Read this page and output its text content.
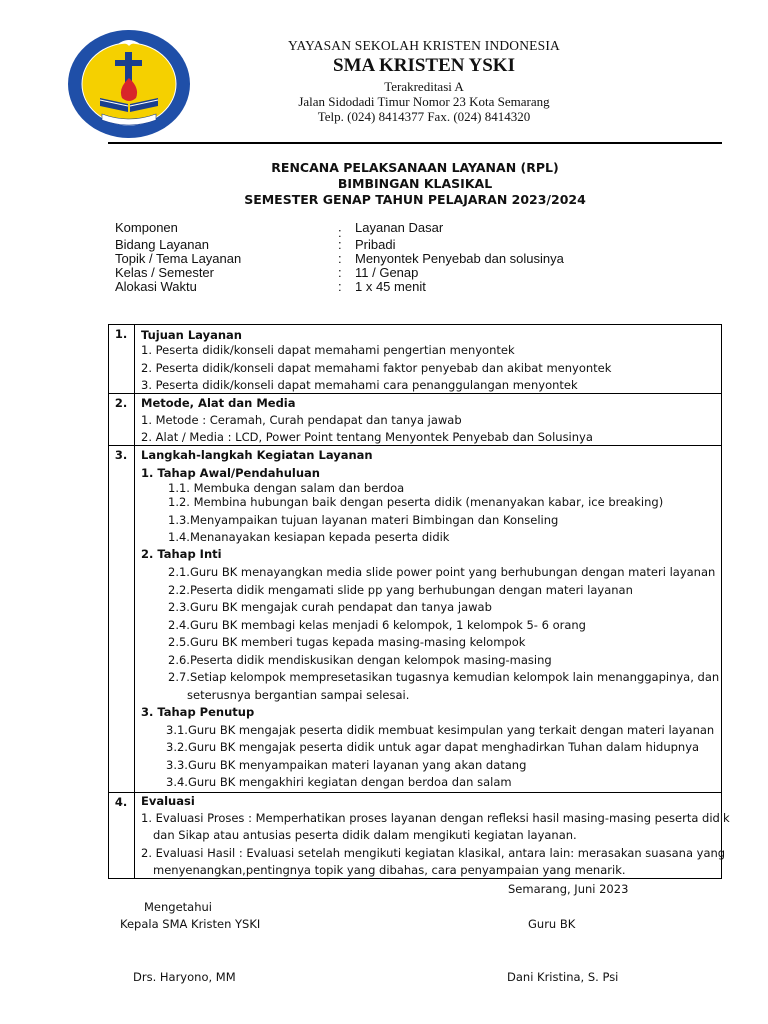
YAYASAN SEKOLAH KRISTEN INDONESIA
SMA KRISTEN YSKI
Terakreditasi A
Jalan Sidodadi Timur Nomor 23 Kota Semarang
Telp. (024) 8414377 Fax. (024) 8414320
RENCANA PELAKSANAAN LAYANAN (RPL)
BIMBINGAN KLASIKAL
SEMESTER GENAP TAHUN PELAJARAN 2023/2024
Komponen	: Layanan Dasar
Bidang Layanan	: Pribadi
Topik / Tema Layanan	: Menyontek Penyebab dan solusinya
Kelas / Semester	: 11 / Genap
Alokasi Waktu	: 1 x 45 menit
1.	Tujuan Layanan
1. Peserta didik/konseli dapat memahami pengertian menyontek
2. Peserta didik/konseli dapat memahami faktor penyebab dan akibat menyontek
3. Peserta didik/konseli dapat memahami cara penanggulangan menyontek
2.	Metode, Alat dan Media
1. Metode : Ceramah, Curah pendapat dan tanya jawab
2. Alat / Media : LCD, Power Point tentang Menyontek Penyebab dan Solusinya
3.	Langkah-langkah Kegiatan Layanan
1. Tahap Awal/Pendahuluan
1.1. Membuka dengan salam dan berdoa
1.2. Membina hubungan baik dengan peserta didik (menanyakan kabar, ice breaking)
1.3.Menyampaikan tujuan layanan materi Bimbingan dan Konseling
1.4.Menanayakan kesiapan kepada peserta didik
2. Tahap Inti
2.1.Guru BK menayangkan media slide power point yang berhubungan dengan materi layanan
2.2.Peserta didik mengamati slide pp yang berhubungan dengan materi layanan
2.3.Guru BK mengajak curah pendapat dan tanya jawab
2.4.Guru BK membagi kelas menjadi 6 kelompok, 1 kelompok 5- 6 orang
2.5.Guru BK memberi tugas kepada masing-masing kelompok
2.6.Peserta didik mendiskusikan dengan kelompok masing-masing
2.7.Setiap kelompok mempresetasikan tugasnya kemudian kelompok lain menanggapinya, dan
seterusnya bergantian sampai selesai.
3. Tahap Penutup
3.1.Guru BK mengajak peserta didik membuat kesimpulan yang terkait dengan materi layanan
3.2.Guru BK mengajak peserta didik untuk agar dapat menghadirkan Tuhan dalam hidupnya
3.3.Guru BK menyampaikan materi layanan yang akan datang
3.4.Guru BK mengakhiri kegiatan dengan berdoa dan salam
4.	Evaluasi
1. Evaluasi Proses : Memperhatikan proses layanan dengan refleksi hasil masing-masing peserta didik
dan Sikap atau antusias peserta didik dalam mengikuti kegiatan layanan.
2. Evaluasi Hasil : Evaluasi setelah mengikuti kegiatan klasikal, antara lain: merasakan suasana yang
menyenangkan,pentingnya topik yang dibahas, cara penyampaian yang menarik.
Semarang, Juni 2023
Mengetahui
Kepala SMA Kristen YSKI	Guru BK
Drs. Haryono, MM	Dani Kristina, S. Psi
